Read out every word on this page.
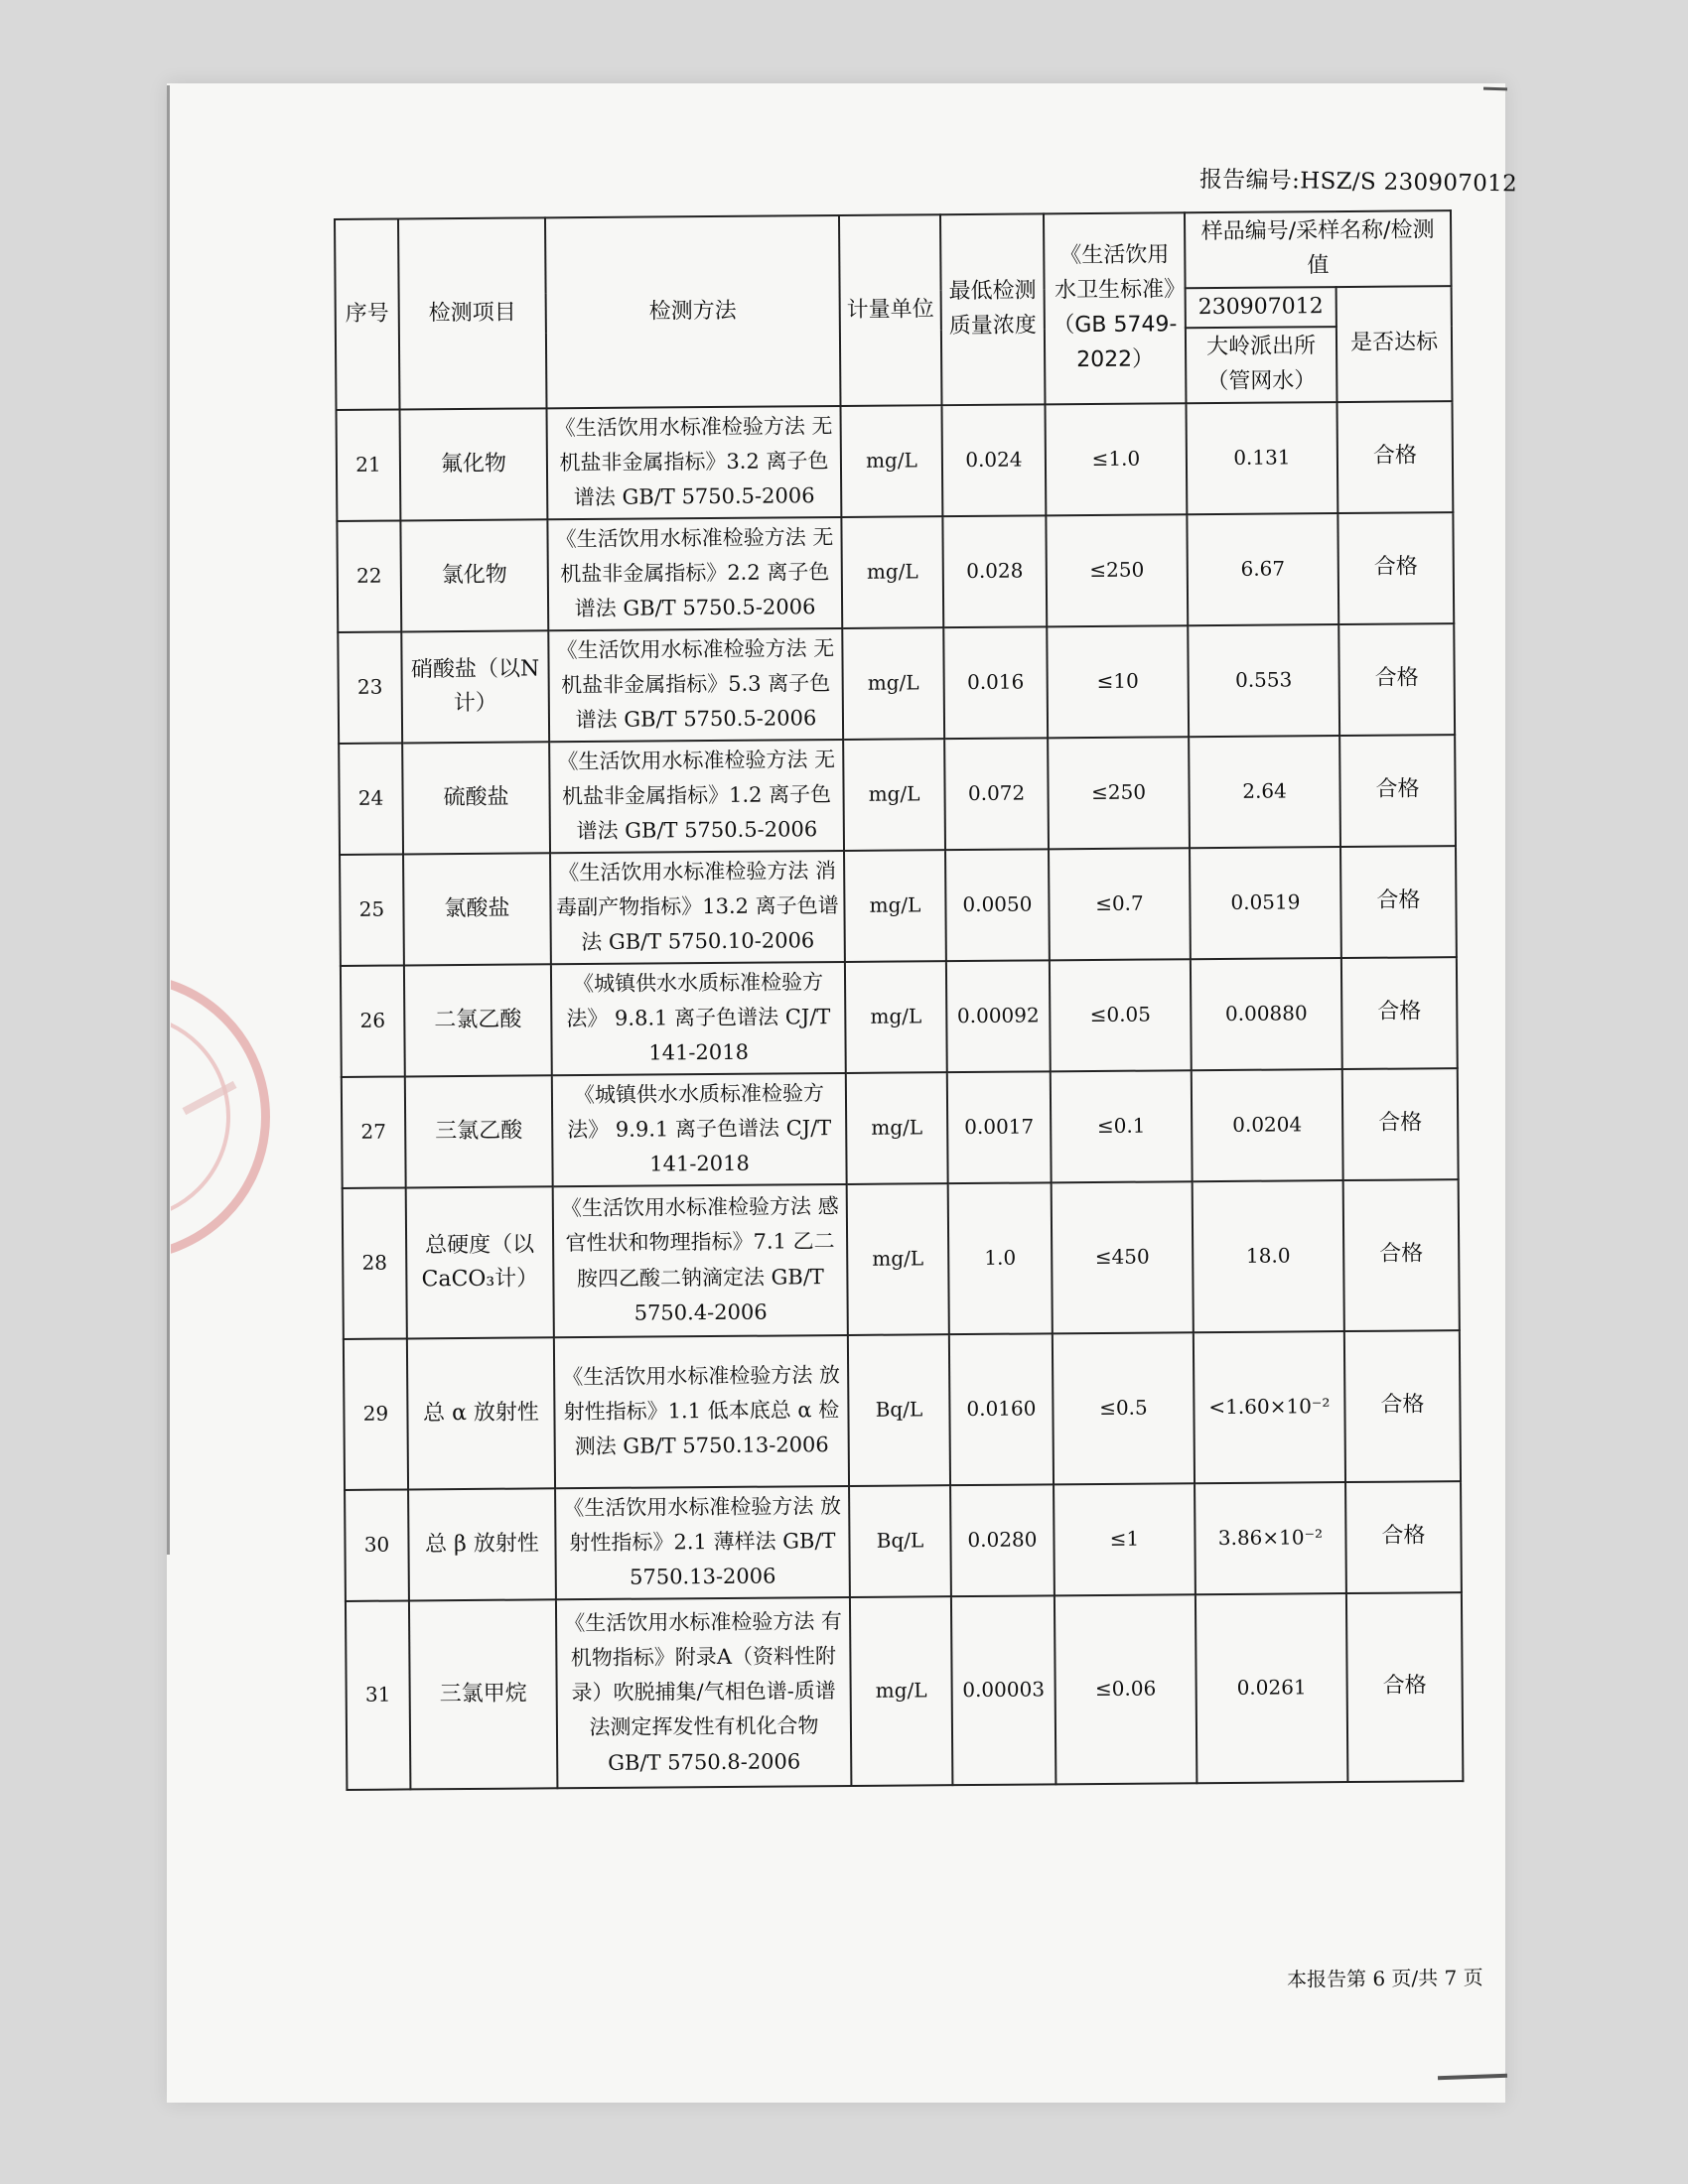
报告编号:HSZ/S 230907012
序号	检测项目	检测方法	计量单位	最低检测质量浓度	《生活饮用水卫生标准》（GB 5749-2022）	样品编号/采样名称/检测值	
						230907012	是否达标
						大岭派出所（管网水）	
21	氟化物	《生活饮用水标准检验方法 无机盐非金属指标》3.2 离子色谱法 GB/T 5750.5-2006	mg/L	0.024	≤1.0	0.131	合格
22	氯化物	《生活饮用水标准检验方法 无机盐非金属指标》2.2 离子色谱法 GB/T 5750.5-2006	mg/L	0.028	≤250	6.67	合格
23	硝酸盐（以N计）	《生活饮用水标准检验方法 无机盐非金属指标》5.3 离子色谱法 GB/T 5750.5-2006	mg/L	0.016	≤10	0.553	合格
24	硫酸盐	《生活饮用水标准检验方法 无机盐非金属指标》1.2 离子色谱法 GB/T 5750.5-2006	mg/L	0.072	≤250	2.64	合格
25	氯酸盐	《生活饮用水标准检验方法 消毒副产物指标》13.2 离子色谱法 GB/T 5750.10-2006	mg/L	0.0050	≤0.7	0.0519	合格
26	二氯乙酸	《城镇供水水质标准检验方法》 9.8.1 离子色谱法 CJ/T 141-2018	mg/L	0.00092	≤0.05	0.00880	合格
27	三氯乙酸	《城镇供水水质标准检验方法》 9.9.1 离子色谱法 CJ/T 141-2018	mg/L	0.0017	≤0.1	0.0204	合格
28	总硬度（以CaCO₃计）	《生活饮用水标准检验方法 感官性状和物理指标》7.1 乙二胺四乙酸二钠滴定法 GB/T 5750.4-2006	mg/L	1.0	≤450	18.0	合格
29	总 α 放射性	《生活饮用水标准检验方法 放射性指标》1.1 低本底总 α 检测法 GB/T 5750.13-2006	Bq/L	0.0160	≤0.5	<1.60×10⁻²	合格
30	总 β 放射性	《生活饮用水标准检验方法 放射性指标》2.1 薄样法 GB/T 5750.13-2006	Bq/L	0.0280	≤1	3.86×10⁻²	合格
31	三氯甲烷	《生活饮用水标准检验方法 有机物指标》附录A（资料性附录）吹脱捕集/气相色谱-质谱法测定挥发性有机化合物 GB/T 5750.8-2006	mg/L	0.00003	≤0.06	0.0261	合格
本报告第 6 页/共 7 页
